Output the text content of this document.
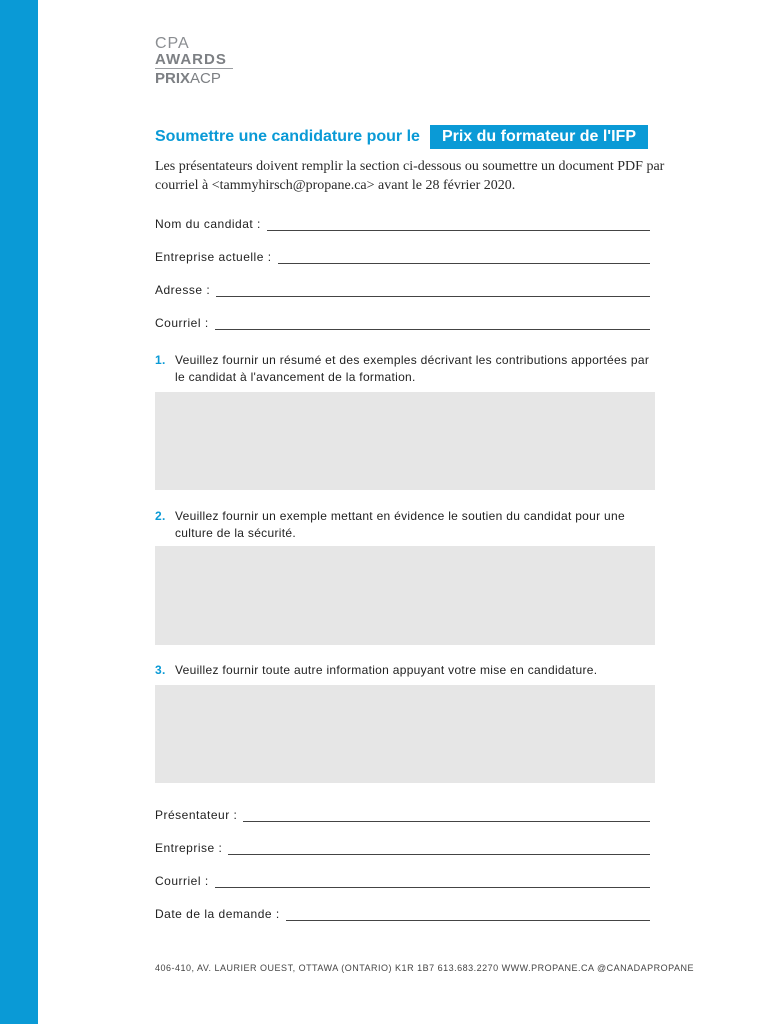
CPA
AWARDS
PRIXACP
Soumettre une candidature pour le	Prix du formateur de l'IFP
Les présentateurs doivent remplir la section ci-dessous ou soumettre un document PDF par courriel à <tammyhirsch@propane.ca> avant le 28 février 2020.
Nom du candidat :
Entreprise actuelle :
Adresse :
Courriel :
1. Veuillez fournir un résumé et des exemples décrivant les contributions apportées par le candidat à l'avancement de la formation.
2. Veuillez fournir un exemple mettant en évidence le soutien du candidat pour une culture de la sécurité.
3. Veuillez fournir toute autre information appuyant votre mise en candidature.
Présentateur :
Entreprise :
Courriel :
Date de la demande :
406-410, AV. LAURIER OUEST, OTTAWA (ONTARIO) K1R 1B7 613.683.2270 WWW.PROPANE.CA @CANADAPROPANE
